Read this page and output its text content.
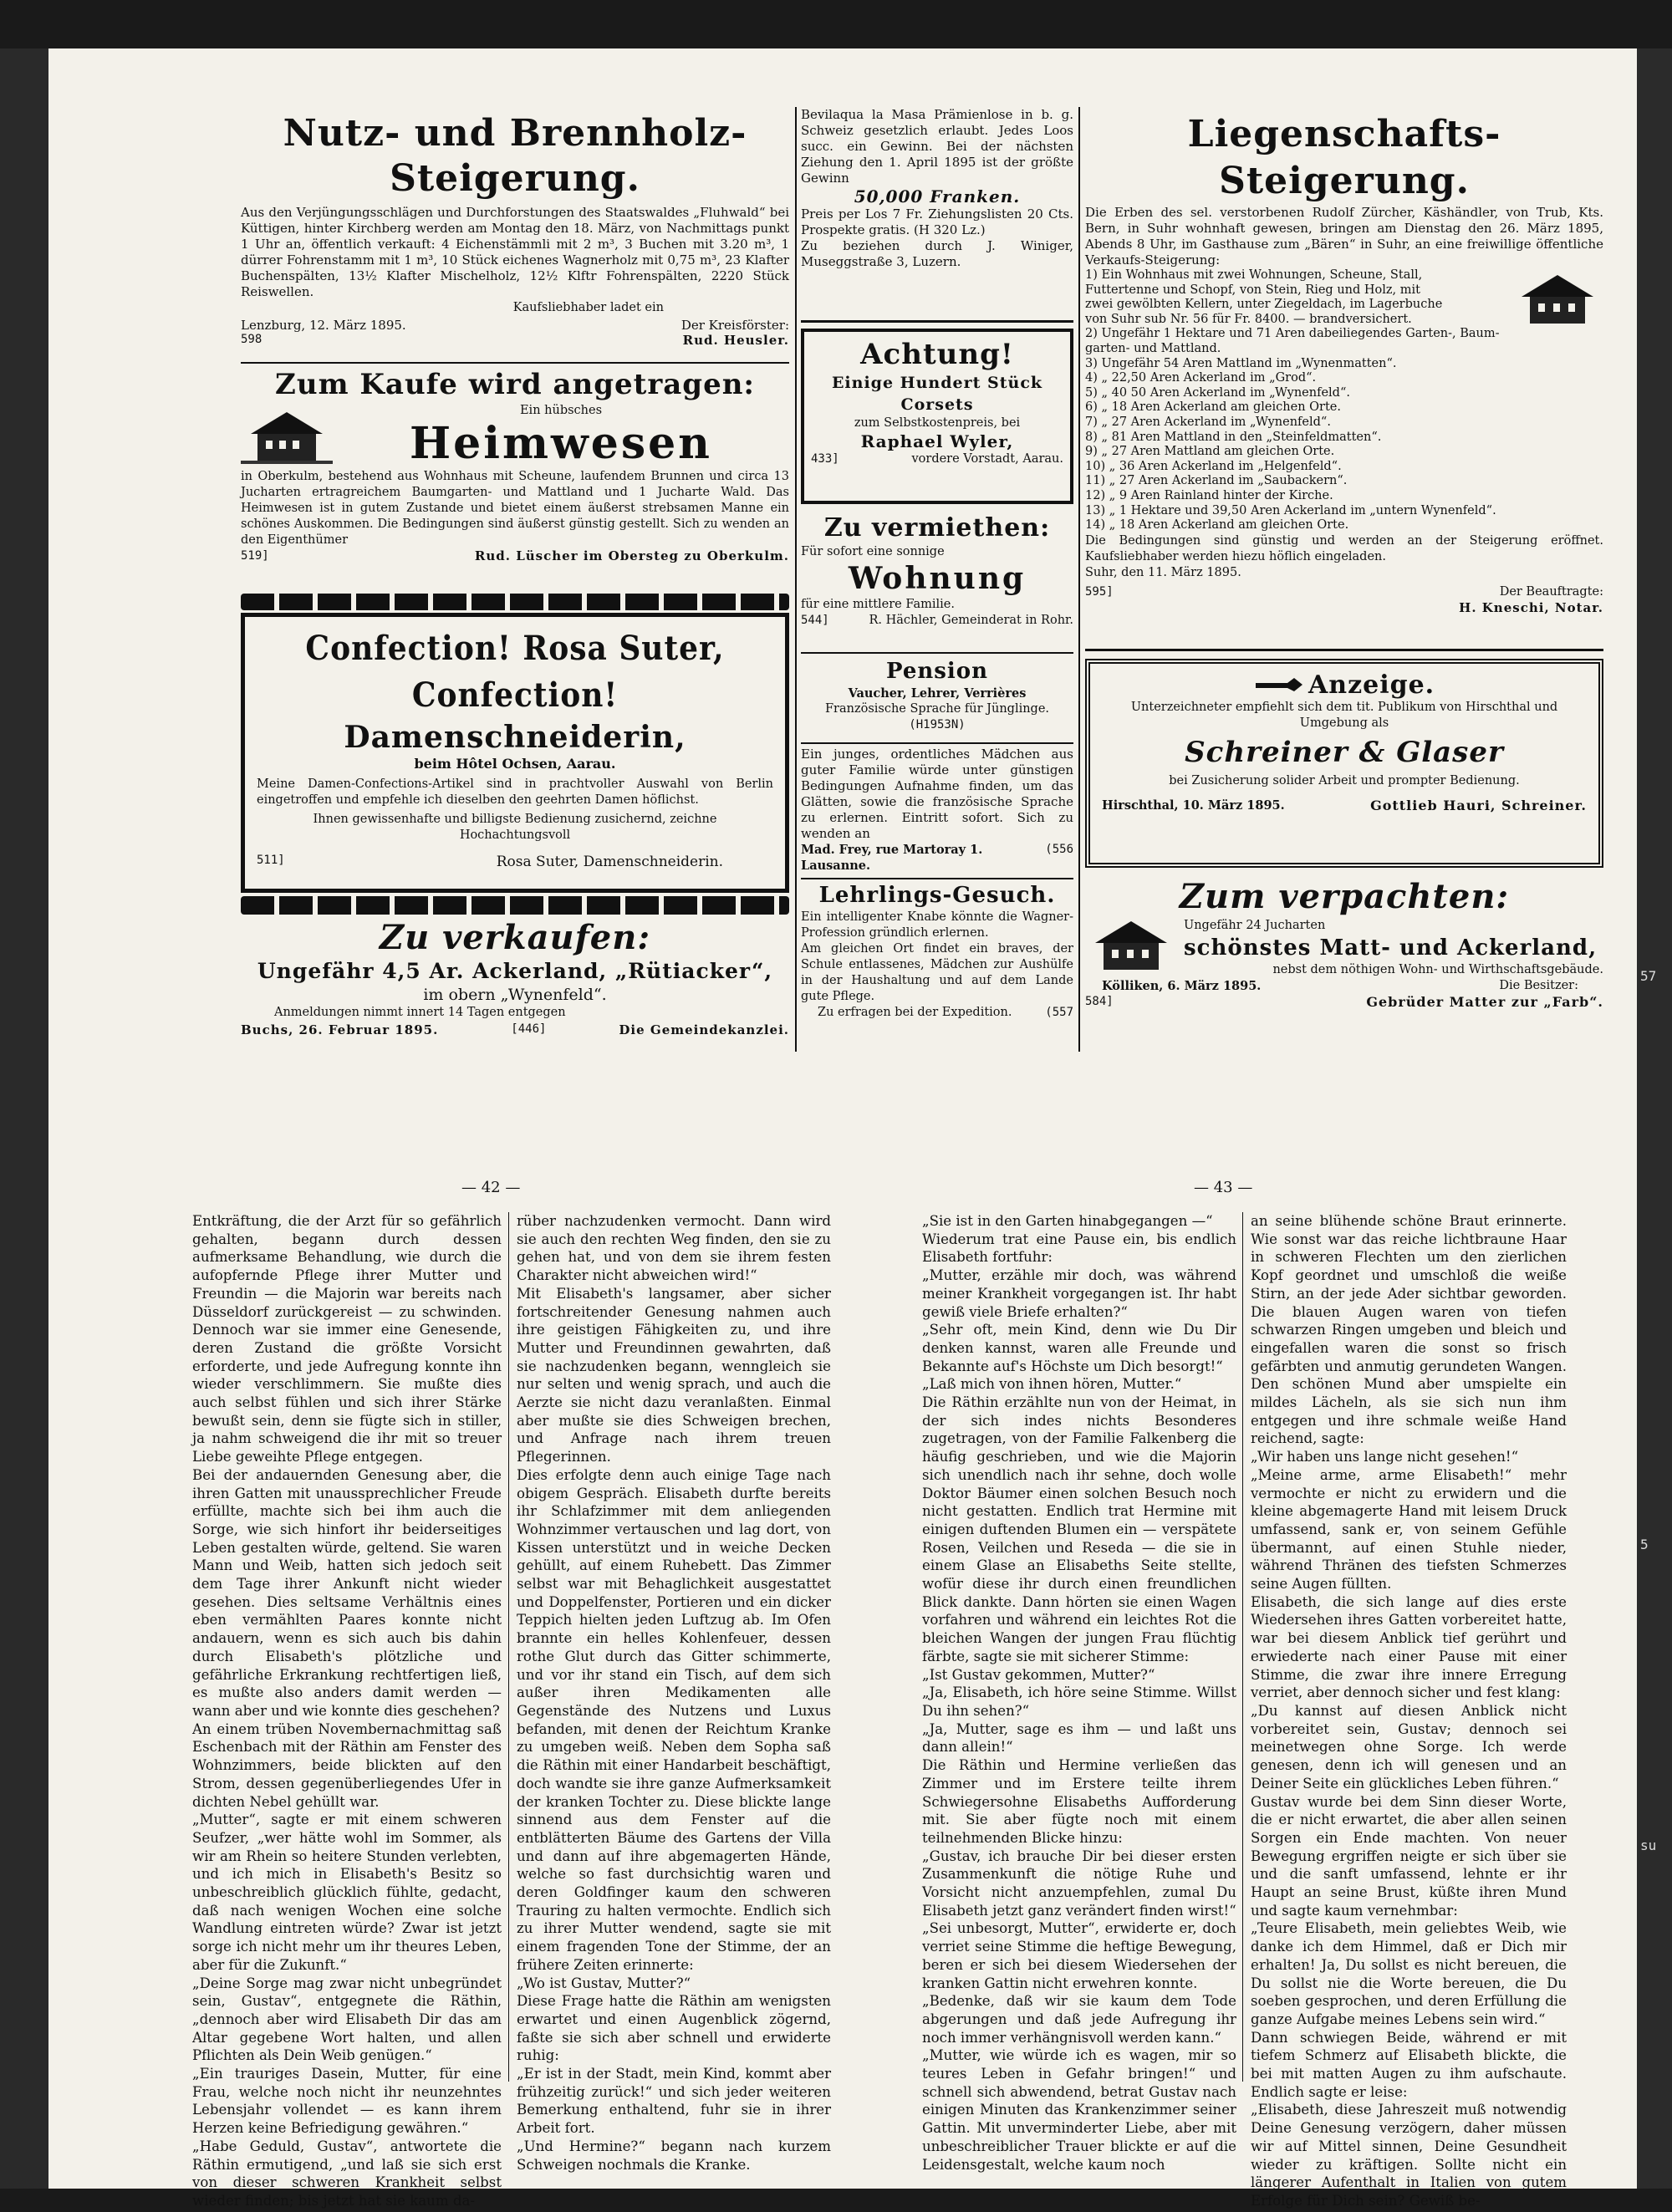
Nutz- und Brennholz-Steigerung.
Aus den Verjüngungsschlägen und Durchforstungen des Staatswaldes „Fluhwald“ bei Küttigen, hinter Kirchberg werden am Montag den 18. März, von Nachmittags punkt 1 Uhr an, öffentlich verkauft: 4 Eichenstämmli mit 2 m³, 3 Buchen mit 3.20 m³, 1 dürrer Fohrenstamm mit 1 m³, 10 Stück eichenes Wagnerholz mit 0,75 m³, 23 Klafter Buchenspälten, 13½ Klafter Mischelholz, 12½ Klftr Fohrenspälten, 2220 Stück Reiswellen.
Kaufsliebhaber ladet ein
Lenzburg, 12. März 1895.	Der Kreisförster:
598	Rud. Heusler.
Zum Kaufe wird angetragen:
Ein hübsches
Heimwesen
in Oberkulm, bestehend aus Wohnhaus mit Scheune, laufendem Brunnen und circa 13 Jucharten ertragreichem Baumgarten- und Mattland und 1 Jucharte Wald. Das Heimwesen ist in gutem Zustande und bietet einem äußerst strebsamen Manne ein schönes Auskommen. Die Bedingungen sind äußerst günstig gestellt. Sich zu wenden an den Eigenthümer
519]	Rud. Lüscher im Obersteg zu Oberkulm.
Confection! Rosa Suter, Confection!
Damenschneiderin,
beim Hôtel Ochsen, Aarau.
Meine Damen-Confections-Artikel sind in prachtvoller Auswahl von Berlin eingetroffen und empfehle ich dieselben den geehrten Damen höflichst.
Ihnen gewissenhafte und billigste Bedienung zusichernd, zeichne Hochachtungsvoll
511]	Rosa Suter, Damenschneiderin.
Zu verkaufen:
Ungefähr 4,5 Ar. Ackerland, „Rütiacker“,
im obern „Wynenfeld“.
Anmeldungen nimmt innert 14 Tagen entgegen
Buchs, 26. Februar 1895.	[446]	Die Gemeindekanzlei.
Bevilaqua la Masa Prämienlose in b. g. Schweiz gesetzlich erlaubt. Jedes Loos succ. ein Gewinn. Bei der nächsten Ziehung den 1. April 1895 ist der größte Gewinn
50,000 Franken.
Preis per Los 7 Fr. Ziehungslisten 20 Cts. Prospekte gratis. (H 320 Lz.)
Zu beziehen durch J. Winiger, Museggstraße 3, Luzern.
Achtung!
Einige Hundert Stück Corsets
zum Selbstkostenpreis, bei
Raphael Wyler,
433]	vordere Vorstadt, Aarau.
Zu vermiethen:
Für sofort eine sonnige
Wohnung
für eine mittlere Familie.
544]	R. Hächler, Gemeinderat in Rohr.
Pension
Vaucher, Lehrer, Verrières
Französische Sprache für Jünglinge.
(H1953N)
Ein junges, ordentliches Mädchen aus guter Familie würde unter günstigen Bedingungen Aufnahme finden, um das Glätten, sowie die französische Sprache zu erlernen. Eintritt sofort. Sich zu wenden an
Mad. Frey, rue Martoray 1. Lausanne.
(556
Lehrlings-Gesuch.
Ein intelligenter Knabe könnte die Wagner-Profession gründlich erlernen.
Am gleichen Ort findet ein braves, der Schule entlassenes, Mädchen zur Aushülfe in der Haushaltung und auf dem Lande gute Pflege.
Zu erfragen bei der Expedition.	(557
Liegenschafts-Steigerung.
Die Erben des sel. verstorbenen Rudolf Zürcher, Käshändler, von Trub, Kts. Bern, in Suhr wohnhaft gewesen, bringen am Dienstag den 26. März 1895, Abends 8 Uhr, im Gasthause zum „Bären“ in Suhr, an eine freiwillige öffentliche Verkaufs-Steigerung:
1) Ein Wohnhaus mit zwei Wohnungen, Scheune, Stall,
Futtertenne und Schopf, von Stein, Rieg und Holz, mit
zwei gewölbten Kellern, unter Ziegeldach, im Lagerbuche
von Suhr sub Nr. 56 für Fr. 8400. — brandversichert.
2) Ungefähr 1 Hektare und 71 Aren dabeiliegendes Garten-, Baum-
garten- und Mattland.
3) Ungefähr 54 Aren Mattland im „Wynenmatten“.
4) „ 22,50 Aren Ackerland im „Grod“.
5) „ 40 50 Aren Ackerland im „Wynenfeld“.
6) „ 18 Aren Ackerland am gleichen Orte.
7) „ 27 Aren Ackerland im „Wynenfeld“.
8) „ 81 Aren Mattland in den „Steinfeldmatten“.
9) „ 27 Aren Mattland am gleichen Orte.
10) „ 36 Aren Ackerland im „Helgenfeld“.
11) „ 27 Aren Ackerland im „Saubackern“.
12) „ 9 Aren Rainland hinter der Kirche.
13) „ 1 Hektare und 39,50 Aren Ackerland im „untern Wynenfeld“.
14) „ 18 Aren Ackerland am gleichen Orte.
Die Bedingungen sind günstig und werden an der Steigerung eröffnet. Kaufsliebhaber werden hiezu höflich eingeladen.
Suhr, den 11. März 1895.
595]	Der Beauftragte:
H. Kneschi, Notar.
Anzeige.
Unterzeichneter empfiehlt sich dem tit. Publikum von Hirschthal und Umgebung als
Schreiner & Glaser
bei Zusicherung solider Arbeit und prompter Bedienung.
Hirschthal, 10. März 1895.	Gottlieb Hauri, Schreiner.
Zum verpachten:
Ungefähr 24 Jucharten
schönstes Matt- und Ackerland,
nebst dem nöthigen Wohn- und Wirthschaftsgebäude.
Kölliken, 6. März 1895.	Die Besitzer:
584]	Gebrüder Matter zur „Farb“.
— 42 —	— 43 —

Entkräftung, die der Arzt für so gefährlich gehalten, begann durch dessen aufmerksame Behandlung, wie durch die aufopfernde Pflege ihrer Mutter und Freundin — die Majorin war bereits nach Düsseldorf zurückgereist — zu schwinden. Dennoch war sie immer eine Genesende, deren Zustand die größte Vorsicht erforderte, und jede Aufregung konnte ihn wieder verschlimmern. Sie mußte dies auch selbst fühlen und sich ihrer Stärke bewußt sein, denn sie fügte sich in stiller, ja nahm schweigend die ihr mit so treuer Liebe geweihte Pflege entgegen.
Bei der andauernden Genesung aber, die ihren Gatten mit unaussprechlicher Freude erfüllte, machte sich bei ihm auch die Sorge, wie sich hinfort ihr beiderseitiges Leben gestalten würde, geltend. Sie waren Mann und Weib, hatten sich jedoch seit dem Tage ihrer Ankunft nicht wieder gesehen. Dies seltsame Verhältnis eines eben vermählten Paares konnte nicht andauern, wenn es sich auch bis dahin durch Elisabeth's plötzliche und gefährliche Erkrankung rechtfertigen ließ, es mußte also anders damit werden — wann aber und wie konnte dies geschehen?
An einem trüben Novembernachmittag saß Eschenbach mit der Räthin am Fenster des Wohnzimmers, beide blickten auf den Strom, dessen gegenüberliegendes Ufer in dichten Nebel gehüllt war.
„Mutter“, sagte er mit einem schweren Seufzer, „wer hätte wohl im Sommer, als wir am Rhein so heitere Stunden verlebten, und ich mich in Elisabeth's Besitz so unbeschreiblich glücklich fühlte, gedacht, daß nach wenigen Wochen eine solche Wandlung eintreten würde? Zwar ist jetzt sorge ich nicht mehr um ihr theures Leben, aber für die Zukunft.“
„Deine Sorge mag zwar nicht unbegründet sein, Gustav“, entgegnete die Räthin, „dennoch aber wird Elisabeth Dir das am Altar gegebene Wort halten, und allen Pflichten als Dein Weib genügen.“
„Ein trauriges Dasein, Mutter, für eine Frau, welche noch nicht ihr neunzehntes Lebensjahr vollendet — es kann ihrem Herzen keine Befriedigung gewähren.“
„Habe Geduld, Gustav“, antwortete die Räthin ermutigend, „und laß sie sich erst von dieser schweren Krankheit selbst wieder finden; bis jetzt hat sie kaum da-

rüber nachzudenken vermocht. Dann wird sie auch den rechten Weg finden, den sie zu gehen hat, und von dem sie ihrem festen Charakter nicht abweichen wird!“
Mit Elisabeth's langsamer, aber sicher fortschreitender Genesung nahmen auch ihre geistigen Fähigkeiten zu, und ihre Mutter und Freundinnen gewahrten, daß sie nachzudenken begann, wenngleich sie nur selten und wenig sprach, und auch die Aerzte sie nicht dazu veranlaßten. Einmal aber mußte sie dies Schweigen brechen, und Anfrage nach ihrem treuen Pflegerinnen.
Dies erfolgte denn auch einige Tage nach obigem Gespräch. Elisabeth durfte bereits ihr Schlafzimmer mit dem anliegenden Wohnzimmer vertauschen und lag dort, von Kissen unterstützt und in weiche Decken gehüllt, auf einem Ruhebett. Das Zimmer selbst war mit Behaglichkeit ausgestattet und Doppelfenster, Portieren und ein dicker Teppich hielten jeden Luftzug ab. Im Ofen brannte ein helles Kohlenfeuer, dessen rothe Glut durch das Gitter schimmerte, und vor ihr stand ein Tisch, auf dem sich außer ihren Medikamenten alle Gegenstände des Nutzens und Luxus befanden, mit denen der Reichtum Kranke zu umgeben weiß. Neben dem Sopha saß die Räthin mit einer Handarbeit beschäftigt, doch wandte sie ihre ganze Aufmerksamkeit der kranken Tochter zu. Diese blickte lange sinnend aus dem Fenster auf die entblätterten Bäume des Gartens der Villa und dann auf ihre abgemagerten Hände, welche so fast durchsichtig waren und deren Goldfinger kaum den schweren Trauring zu halten vermochte. Endlich sich zu ihrer Mutter wendend, sagte sie mit einem fragenden Tone der Stimme, der an frühere Zeiten erinnerte:
„Wo ist Gustav, Mutter?“
Diese Frage hatte die Räthin am wenigsten erwartet und einen Augenblick zögernd, faßte sie sich aber schnell und erwiderte ruhig:
„Er ist in der Stadt, mein Kind, kommt aber frühzeitig zurück!“ und sich jeder weiteren Bemerkung enthaltend, fuhr sie in ihrer Arbeit fort.
„Und Hermine?“ begann nach kurzem Schweigen nochmals die Kranke.

„Sie ist in den Garten hinabgegangen —“
Wiederum trat eine Pause ein, bis endlich Elisabeth fortfuhr:
„Mutter, erzähle mir doch, was während meiner Krankheit vorgegangen ist. Ihr habt gewiß viele Briefe erhalten?“
„Sehr oft, mein Kind, denn wie Du Dir denken kannst, waren alle Freunde und Bekannte auf's Höchste um Dich besorgt!“
„Laß mich von ihnen hören, Mutter.“
Die Räthin erzählte nun von der Heimat, in der sich indes nichts Besonderes zugetragen, von der Familie Falkenberg die häufig geschrieben, und wie die Majorin sich unendlich nach ihr sehne, doch wolle Doktor Bäumer einen solchen Besuch noch nicht gestatten. Endlich trat Hermine mit einigen duftenden Blumen ein — verspätete Rosen, Veilchen und Reseda — die sie in einem Glase an Elisabeths Seite stellte, wofür diese ihr durch einen freundlichen Blick dankte. Dann hörten sie einen Wagen vorfahren und während ein leichtes Rot die bleichen Wangen der jungen Frau flüchtig färbte, sagte sie mit sicherer Stimme:
„Ist Gustav gekommen, Mutter?“
„Ja, Elisabeth, ich höre seine Stimme. Willst Du ihn sehen?“
„Ja, Mutter, sage es ihm — und laßt uns dann allein!“
Die Räthin und Hermine verließen das Zimmer und im Erstere teilte ihrem Schwiegersohne Elisabeths Aufforderung mit. Sie aber fügte noch mit einem teilnehmenden Blicke hinzu:
„Gustav, ich brauche Dir bei dieser ersten Zusammenkunft die nötige Ruhe und Vorsicht nicht anzuempfehlen, zumal Du Elisabeth jetzt ganz verändert finden wirst!“
„Sei unbesorgt, Mutter“, erwiderte er, doch verriet seine Stimme die heftige Bewegung, beren er sich bei diesem Wiedersehen der kranken Gattin nicht erwehren konnte.
„Bedenke, daß wir sie kaum dem Tode abgerungen und daß jede Aufregung ihr noch immer verhängnisvoll werden kann.“
„Mutter, wie würde ich es wagen, mir so teures Leben in Gefahr bringen!“ und schnell sich abwendend, betrat Gustav nach einigen Minuten das Krankenzimmer seiner Gattin. Mit unverminderter Liebe, aber mit unbeschreiblicher Trauer blickte er auf die Leidensgestalt, welche kaum noch

an seine blühende schöne Braut erinnerte. Wie sonst war das reiche lichtbraune Haar in schweren Flechten um den zierlichen Kopf geordnet und umschloß die weiße Stirn, an der jede Ader sichtbar geworden. Die blauen Augen waren von tiefen schwarzen Ringen umgeben und bleich und eingefallen waren die sonst so frisch gefärbten und anmutig gerundeten Wangen. Den schönen Mund aber umspielte ein mildes Lächeln, als sie sich nun ihm entgegen und ihre schmale weiße Hand reichend, sagte:
„Wir haben uns lange nicht gesehen!“
„Meine arme, arme Elisabeth!“ mehr vermochte er nicht zu erwidern und die kleine abgemagerte Hand mit leisem Druck umfassend, sank er, von seinem Gefühle übermannt, auf einen Stuhle nieder, während Thränen des tiefsten Schmerzes seine Augen füllten.
Elisabeth, die sich lange auf dies erste Wiedersehen ihres Gatten vorbereitet hatte, war bei diesem Anblick tief gerührt und erwiederte nach einer Pause mit einer Stimme, die zwar ihre innere Erregung verriet, aber dennoch sicher und fest klang:
„Du kannst auf diesen Anblick nicht vorbereitet sein, Gustav; dennoch sei meinetwegen ohne Sorge. Ich werde genesen, denn ich will genesen und an Deiner Seite ein glückliches Leben führen.“
Gustav wurde bei dem Sinn dieser Worte, die er nicht erwartet, die aber allen seinen Sorgen ein Ende machten. Von neuer Bewegung ergriffen neigte er sich über sie und die sanft umfassend, lehnte er ihr Haupt an seine Brust, küßte ihren Mund und sagte kaum vernehmbar:
„Teure Elisabeth, mein geliebtes Weib, wie danke ich dem Himmel, daß er Dich mir erhalten! Ja, Du sollst es nicht bereuen, die Du sollst nie die Worte bereuen, die Du soeben gesprochen, und deren Erfüllung die ganze Aufgabe meines Lebens sein wird.“
Dann schwiegen Beide, während er mit tiefem Schmerz auf Elisabeth blickte, die bei mit matten Augen zu ihm aufschaute. Endlich sagte er leise:
„Elisabeth, diese Jahreszeit muß notwendig Deine Genesung verzögern, daher müssen wir auf Mittel sinnen, Deine Gesundheit wieder zu kräftigen. Sollte nicht ein längerer Aufenthalt in Italien von gutem Erfolge für Dich sein? Gewiß be-

57
5
su
